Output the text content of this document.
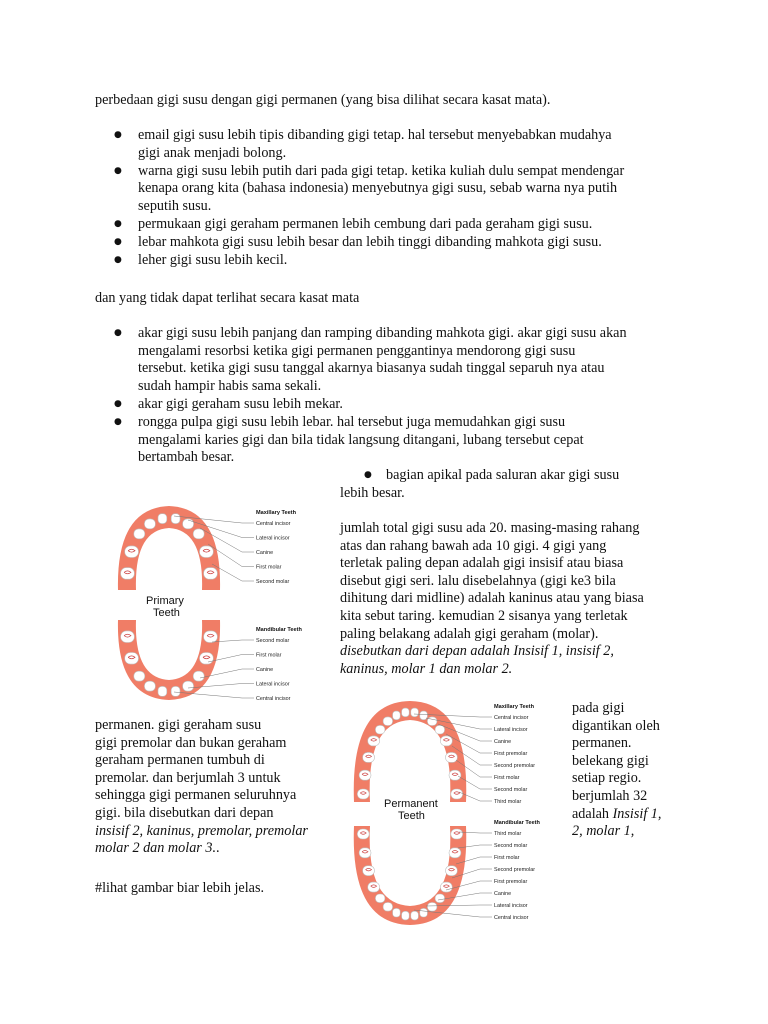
perbedaan gigi susu dengan gigi permanen (yang bisa dilihat secara kasat mata).
● email gigi susu lebih tipis dibanding gigi tetap. hal tersebut menyebabkan mudahya
gigi anak menjadi bolong.
● warna gigi susu lebih putih dari pada gigi tetap. ketika kuliah dulu sempat mendengar
kenapa orang kita (bahasa indonesia) menyebutnya gigi susu, sebab warna nya putih
seputih susu.
● permukaan gigi geraham permanen lebih cembung dari pada geraham gigi susu.
● lebar mahkota gigi susu lebih besar dan lebih tinggi dibanding mahkota gigi susu.
● leher gigi susu lebih kecil.
dan yang tidak dapat terlihat secara kasat mata
● akar gigi susu lebih panjang dan ramping dibanding mahkota gigi. akar gigi susu akan
mengalami resorbsi ketika gigi permanen penggantinya mendorong gigi susu
tersebut. ketika gigi susu tanggal akarnya biasanya sudah tinggal separuh nya atau
sudah hampir habis sama sekali.
● akar gigi geraham susu lebih mekar.
● rongga pulpa gigi susu lebih lebar. hal tersebut juga memudahkan gigi susu
mengalami karies gigi dan bila tidak langsung ditangani, lubang tersebut cepat
bertambah besar.
● bagian apikal pada saluran akar gigi susu
lebih besar.
jumlah total gigi susu ada 20. masing-masing rahang
atas dan rahang bawah ada 10 gigi. 4 gigi yang
terletak paling depan adalah gigi insisif atau biasa
disebut gigi seri. lalu disebelahnya (gigi ke3 bila
dihitung dari midline) adalah kaninus atau yang biasa
kita sebut taring. kemudian 2 sisanya yang terletak
paling belakang adalah gigi geraham (molar).
disebutkan dari depan adalah Insisif 1, insisif 2,
kaninus, molar 1 dan molar 2.
permanen. gigi geraham susu
gigi premolar dan bukan geraham
geraham permanen tumbuh di
premolar. dan berjumlah 3 untuk
sehingga gigi permanen seluruhnya
gigi. bila disebutkan dari depan
insisif 2, kaninus, premolar, premolar
molar 2 dan molar 3..
#lihat gambar biar lebih jelas.
pada gigi
digantikan oleh
permanen.
belekang gigi
setiap regio.
berjumlah 32
adalah Insisif 1,
2, molar 1,
Primary
Teeth
Maxillary Teeth
Central incisor
Lateral incisor
Canine
First molar
Second molar
Mandibular Teeth
Second molar
First molar
Canine
Lateral incisor
Central incisor
Permanent
Teeth
Maxillary Teeth
Central incisor
Lateral incisor
Canine
First premolar
Second premolar
First molar
Second molar
Third molar
Mandibular Teeth
Third molar
Second molar
First molar
Second premolar
First premolar
Canine
Lateral incisor
Central incisor
